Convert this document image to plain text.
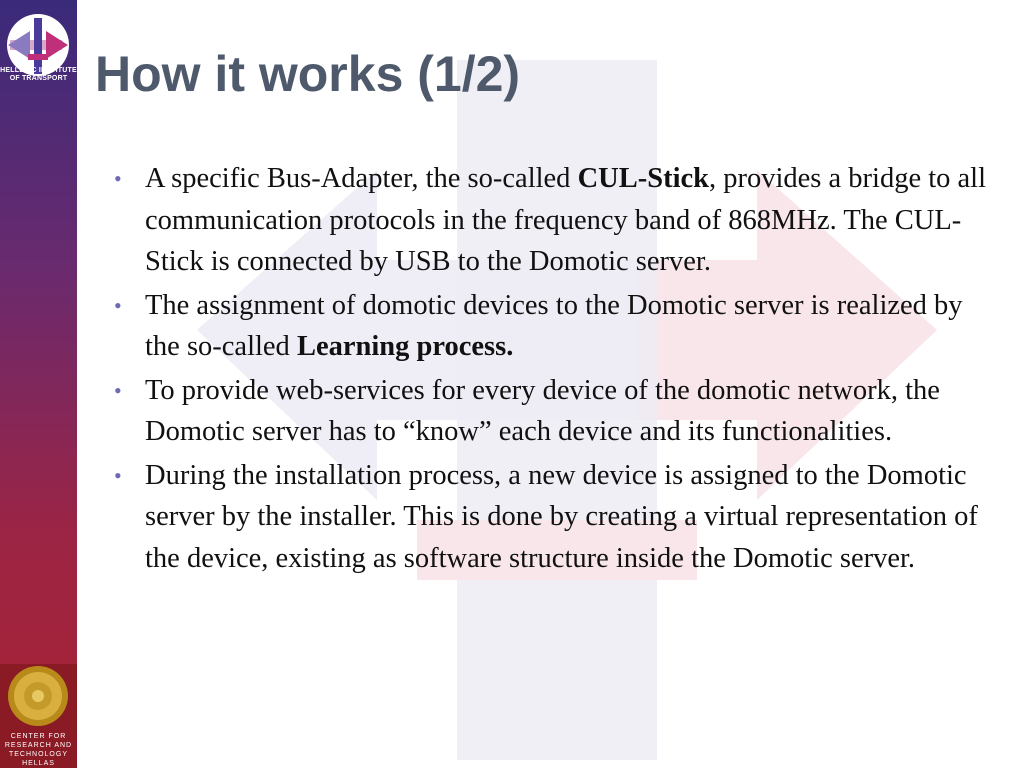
HELLENIC INSTITUTE
OF TRANSPORT
CENTER FOR
RESEARCH AND
TECHNOLOGY
HELLAS
How it works (1/2)
• A specific Bus-Adapter, the so-called CUL-Stick, provides a bridge to all communication protocols in the frequency band of 868MHz. The CUL-Stick is connected by USB to the Domotic server.
• The assignment of domotic devices to the Domotic server is realized by the so-called Learning process.
• To provide web-services for every device of the domotic network, the Domotic server has to “know” each device and its functionalities.
• During the installation process, a new device is assigned to the Domotic server by the installer. This is done by creating a virtual representation of the device, existing as software structure inside the Domotic server.
